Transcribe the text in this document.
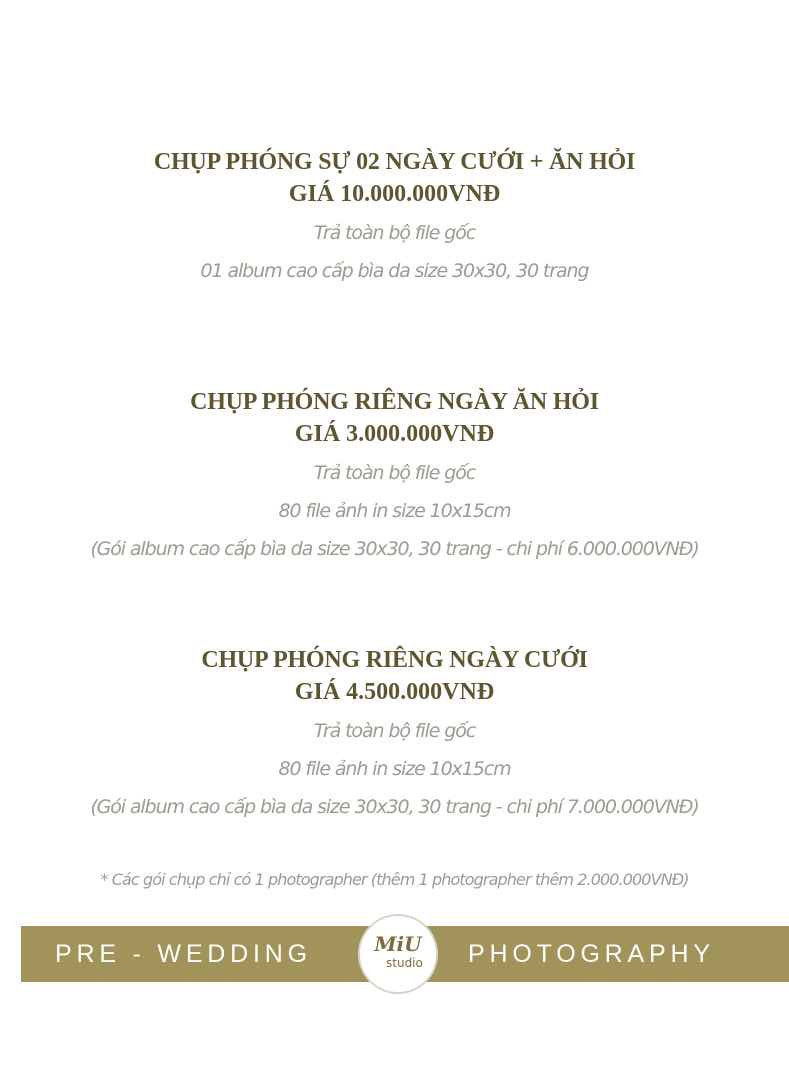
CHỤP PHÓNG SỰ 02 NGÀY CƯỚI + ĂN HỎI
GIÁ 10.000.000VNĐ
Trả toàn bộ file gốc
01 album cao cấp bìa da size 30x30, 30 trang
CHỤP PHÓNG RIÊNG NGÀY ĂN HỎI
GIÁ 3.000.000VNĐ
Trả toàn bộ file gốc
80 file ảnh in size 10x15cm
(Gói album cao cấp bìa da size 30x30, 30 trang - chi phí 6.000.000VNĐ)
CHỤP PHÓNG RIÊNG NGÀY CƯỚI
GIÁ 4.500.000VNĐ
Trả toàn bộ file gốc
80 file ảnh in size 10x15cm
(Gói album cao cấp bìa da size 30x30, 30 trang - chi phí 7.000.000VNĐ)
* Các gói chụp chỉ có 1 photographer (thêm 1 photographer thêm 2.000.000VNĐ)
PRE - WEDDING	PHOTOGRAPHY
MiU
studio
